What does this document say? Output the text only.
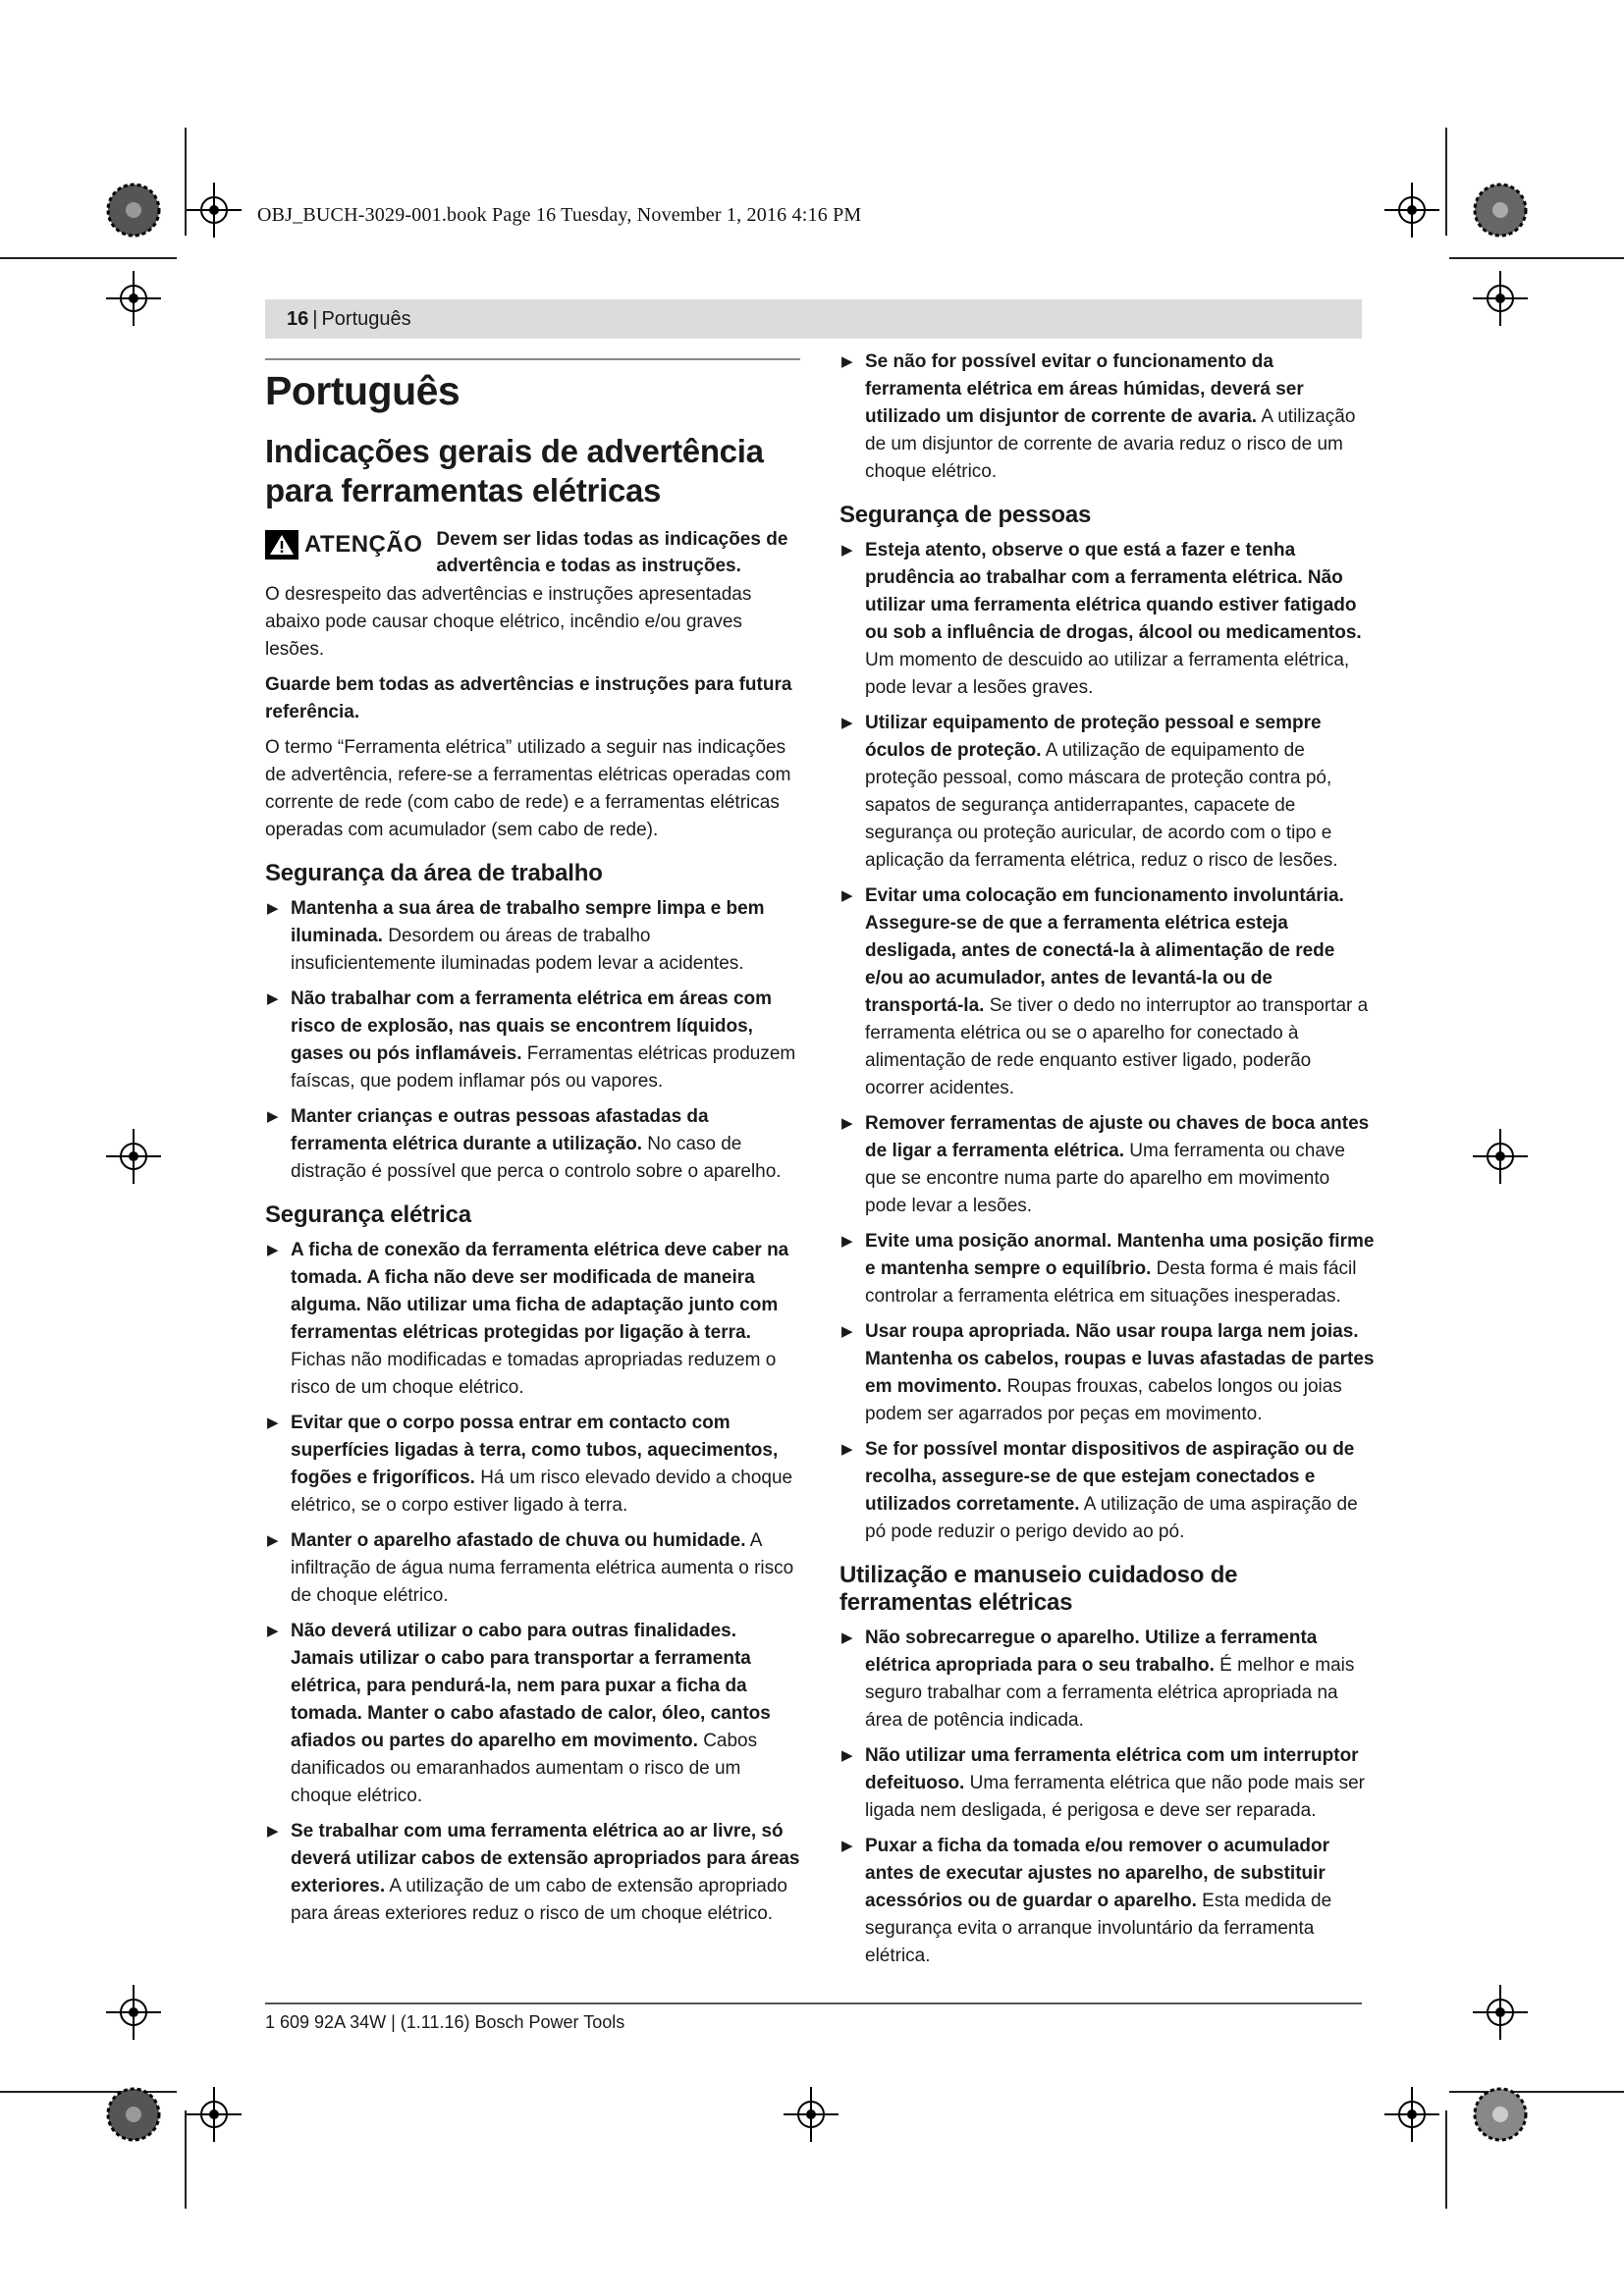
OBJ_BUCH-3029-001.book Page 16 Tuesday, November 1, 2016 4:16 PM
16 | Português
Português
Indicações gerais de advertência para ferramentas elétricas
ATENÇÃO Devem ser lidas todas as indicações de advertência e todas as instruções.

O desrespeito das advertências e instruções apresentadas abaixo pode causar choque elétrico, incêndio e/ou graves lesões.

Guarde bem todas as advertências e instruções para futura referência.

O termo “Ferramenta elétrica” utilizado a seguir nas indicações de advertência, refere-se a ferramentas elétricas operadas com corrente de rede (com cabo de rede) e a ferramentas elétricas operadas com acumulador (sem cabo de rede).

Segurança da área de trabalho
▶ Mantenha a sua área de trabalho sempre limpa e bem iluminada. Desordem ou áreas de trabalho insuficientemente iluminadas podem levar a acidentes.
▶ Não trabalhar com a ferramenta elétrica em áreas com risco de explosão, nas quais se encontrem líquidos, gases ou pós inflamáveis. Ferramentas elétricas produzem faíscas, que podem inflamar pós ou vapores.
▶ Manter crianças e outras pessoas afastadas da ferramenta elétrica durante a utilização. No caso de distração é possível que perca o controlo sobre o aparelho.
Segurança elétrica
▶ A ficha de conexão da ferramenta elétrica deve caber na tomada. A ficha não deve ser modificada de maneira alguma. Não utilizar uma ficha de adaptação junto com ferramentas elétricas protegidas por ligação à terra. Fichas não modificadas e tomadas apropriadas reduzem o risco de um choque elétrico.
▶ Evitar que o corpo possa entrar em contacto com superfícies ligadas à terra, como tubos, aquecimentos, fogões e frigoríficos. Há um risco elevado devido a choque elétrico, se o corpo estiver ligado à terra.
▶ Manter o aparelho afastado de chuva ou humidade. A infiltração de água numa ferramenta elétrica aumenta o risco de choque elétrico.
▶ Não deverá utilizar o cabo para outras finalidades. Jamais utilizar o cabo para transportar a ferramenta elétrica, para pendurá-la, nem para puxar a ficha da tomada. Manter o cabo afastado de calor, óleo, cantos afiados ou partes do aparelho em movimento. Cabos danificados ou emaranhados aumentam o risco de um choque elétrico.
▶ Se trabalhar com uma ferramenta elétrica ao ar livre, só deverá utilizar cabos de extensão apropriados para áreas exteriores. A utilização de um cabo de extensão apropriado para áreas exteriores reduz o risco de um choque elétrico.
▶ Se não for possível evitar o funcionamento da ferramenta elétrica em áreas húmidas, deverá ser utilizado um disjuntor de corrente de avaria. A utilização de um disjuntor de corrente de avaria reduz o risco de um choque elétrico.
Segurança de pessoas
▶ Esteja atento, observe o que está a fazer e tenha prudência ao trabalhar com a ferramenta elétrica. Não utilizar uma ferramenta elétrica quando estiver fatigado ou sob a influência de drogas, álcool ou medicamentos. Um momento de descuido ao utilizar a ferramenta elétrica, pode levar a lesões graves.
▶ Utilizar equipamento de proteção pessoal e sempre óculos de proteção. A utilização de equipamento de proteção pessoal, como máscara de proteção contra pó, sapatos de segurança antiderrapantes, capacete de segurança ou proteção auricular, de acordo com o tipo e aplicação da ferramenta elétrica, reduz o risco de lesões.
▶ Evitar uma colocação em funcionamento involuntária. Assegure-se de que a ferramenta elétrica esteja desligada, antes de conectá-la à alimentação de rede e/ou ao acumulador, antes de levantá-la ou de transportá-la. Se tiver o dedo no interruptor ao transportar a ferramenta elétrica ou se o aparelho for conectado à alimentação de rede enquanto estiver ligado, poderão ocorrer acidentes.
▶ Remover ferramentas de ajuste ou chaves de boca antes de ligar a ferramenta elétrica. Uma ferramenta ou chave que se encontre numa parte do aparelho em movimento pode levar a lesões.
▶ Evite uma posição anormal. Mantenha uma posição firme e mantenha sempre o equilíbrio. Desta forma é mais fácil controlar a ferramenta elétrica em situações inesperadas.
▶ Usar roupa apropriada. Não usar roupa larga nem joias. Mantenha os cabelos, roupas e luvas afastadas de partes em movimento. Roupas frouxas, cabelos longos ou joias podem ser agarrados por peças em movimento.
▶ Se for possível montar dispositivos de aspiração ou de recolha, assegure-se de que estejam conectados e utilizados corretamente. A utilização de uma aspiração de pó pode reduzir o perigo devido ao pó.
Utilização e manuseio cuidadoso de ferramentas elétricas
▶ Não sobrecarregue o aparelho. Utilize a ferramenta elétrica apropriada para o seu trabalho. É melhor e mais seguro trabalhar com a ferramenta elétrica apropriada na área de potência indicada.
▶ Não utilizar uma ferramenta elétrica com um interruptor defeituoso. Uma ferramenta elétrica que não pode mais ser ligada nem desligada, é perigosa e deve ser reparada.
▶ Puxar a ficha da tomada e/ou remover o acumulador antes de executar ajustes no aparelho, de substituir acessórios ou de guardar o aparelho. Esta medida de segurança evita o arranque involuntário da ferramenta elétrica.
1 609 92A 34W | (1.11.16) Bosch Power Tools
